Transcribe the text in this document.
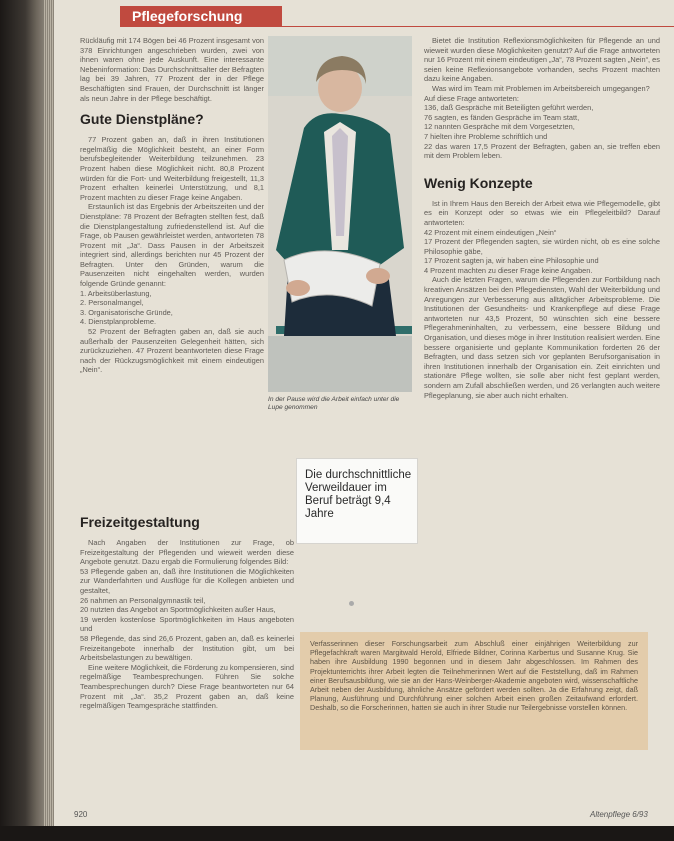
Pflegeforschung

Rückläufig mit 174 Bögen bei 46 Prozent insgesamt von 378 Einrichtungen angeschrieben wurden, zwei von ihnen waren ohne jede Auskunft. Eine interessante Nebeninformation: Das Durchschnittsalter der Befragten lag bei 39 Jahren, 77 Prozent der in der Pflege Beschäftigten sind Frauen, der Durchschnitt ist länger als neun Jahre in der Pflege beschäftigt.

Gute Dienstpläne?

77 Prozent gaben an, daß in ihren Institutionen regelmäßig die Möglichkeit besteht, an einer Form berufsbegleitender Weiterbildung teilzunehmen. 23 Prozent haben diese Möglichkeit nicht. 80,8 Prozent würden für die Fort- und Weiterbildung freigestellt, 11,3 Prozent erhalten keinerlei Unterstützung, und 8,1 Prozent machten zu dieser Frage keine Angaben.

Erstaunlich ist das Ergebnis der Arbeitszeiten und der Dienstpläne: 78 Prozent der Befragten stellten fest, daß die Dienstplangestaltung zufriedenstellend ist. Auf die Frage, ob Pausen gewährleistet werden, antworteten 78 Prozent mit „Ja“. Dass Pausen in der Arbeitszeit integriert sind, allerdings berichten nur 45 Prozent der Befragten. Unter den Gründen, warum die Pausenzeiten nicht eingehalten werden, wurden folgende Gründe genannt:

1. Arbeitsüberlastung,
2. Personalmangel,
3. Organisatorische Gründe,
4. Dienstplanprobleme.

52 Prozent der Befragten gaben an, daß sie auch außerhalb der Pausenzeiten Gelegenheit hätten, sich zurückzuziehen. 47 Prozent beantworteten diese Frage nach der Rückzugsmöglichkeit mit einem eindeutigen „Nein“.

Freizeitgestaltung

Nach Angaben der Institutionen zur Frage, ob Freizeitgestaltung der Pflegenden und wieweit werden diese Angebote genutzt. Dazu ergab die Formulierung folgendes Bild:

53 Pflegende gaben an, daß ihre Institutionen die Möglichkeiten zur Wanderfahrten und Ausflüge für die Kollegen anbieten und gestaltet,
26 nahmen an Personalgymnastik teil,
20 nutzten das Angebot an Sportmöglichkeiten außer Haus,
19 werden kostenlose Sportmöglichkeiten im Haus angeboten und
58 Pflegende, das sind 26,6 Prozent, gaben an, daß es keinerlei Freizeitangebote innerhalb der Institution gibt, um bei Arbeitsbelastungen zu bewältigen.

Eine weitere Möglichkeit, die Förderung zu kompensieren, sind regelmäßige Teambesprechungen. Führen Sie solche Teambesprechungen durch? Diese Frage beantworteten nur 64 Prozent mit „Ja“. 35,2 Prozent gaben an, daß keine regelmäßigen Teamgespräche stattfinden.

In der Pause wird die Arbeit einfach unter die Lupe genommen
Die durchschnittliche Verweildauer im Beruf beträgt 9,4 Jahre

Bietet die Institution Reflexionsmöglichkeiten für Pflegende an und wieweit wurden diese Möglichkeiten genutzt? Auf die Frage antworteten nur 16 Prozent mit einem eindeutigen „Ja“, 78 Prozent sagten „Nein“, es seien keine Reflexionsangebote vorhanden, sechs Prozent machten dazu keine Angaben.

Was wird im Team mit Problemen im Arbeitsbereich umgegangen?

Auf diese Frage antworteten:

136, daß Gespräche mit Beteiligten geführt werden,
76 sagten, es fänden Gespräche im Team statt,
12 nannten Gespräche mit dem Vorgesetzten,
7 hielten ihre Probleme schriftlich und
22 das waren 17,5 Prozent der Befragten, gaben an, sie treffen eben mit dem Problem leben.
Wenig Konzepte

Ist in Ihrem Haus den Bereich der Arbeit etwa wie Pflegemodelle, gibt es ein Konzept oder so etwas wie ein Pflegeleitbild? Darauf antworteten:

42 Prozent mit einem eindeutigen „Nein“
17 Prozent der Pflegenden sagten, sie würden nicht, ob es eine solche Philosophie gäbe,
17 Prozent sagten ja, wir haben eine Philosophie und
4 Prozent machten zu dieser Frage keine Angaben.

Auch die letzten Fragen, warum die Pflegenden zur Fortbildung nach kreativen Ansätzen bei den Pflegediensten, Wahl der Weiterbildung und Anregungen zur Verbesserung aus alltäglicher Arbeitsprobleme. Die Institutionen der Gesundheits- und Krankenpflege auf diese Frage antworteten nur 43,5 Prozent, 50 wünschten sich eine bessere Pflegerahmeninhalten, zu verbessern, eine bessere Bildung und Organisation, und dieses möge in ihrer Institution realisiert werden. Eine bessere organisierte und geplante Kommunikation forderten 26 der Befragten, und dass setzen sich vor geplanten Berufsorganisation in ihren Institutionen innerhalb der Organisation ein. Zeit einrichten und stationäre Pflege wollten, sie solle aber nicht fest geplant werden, sondern am Zufall abschließen werden, und 26 verlangten auch weitere Pflegeplanung, sie aber auch nicht erhalten.

Verfasserinnen dieser Forschungsarbeit zum Abschluß einer einjährigen Weiterbildung zur Pflegefachkraft waren Margitwald Herold, Elfriede Bildner, Corinna Karbertus und Susanne Krug. Sie haben ihre Ausbildung 1990 begonnen und in diesem Jahr abgeschlossen. Im Rahmen des Projektunterrichts ihrer Arbeit legten die Teilnehmerinnen Wert auf die Feststellung, daß im Rahmen einer Berufsausbildung, wie sie an der Hans-Weinberger-Akademie angeboten wird, wissenschaftliche Arbeit neben der Ausbildung, ähnliche Ansätze gefördert werden sollten. Ja die Erfahrung zeigt, daß Planung, Ausführung und Durchführung einer solchen Arbeit einen großen Zeitaufwand erfordert. Deshalb, so die Forscherinnen, hatten sie auch in ihrer Studie nur Teilergebnisse vorstellen können.
920	Altenpflege 6/93
